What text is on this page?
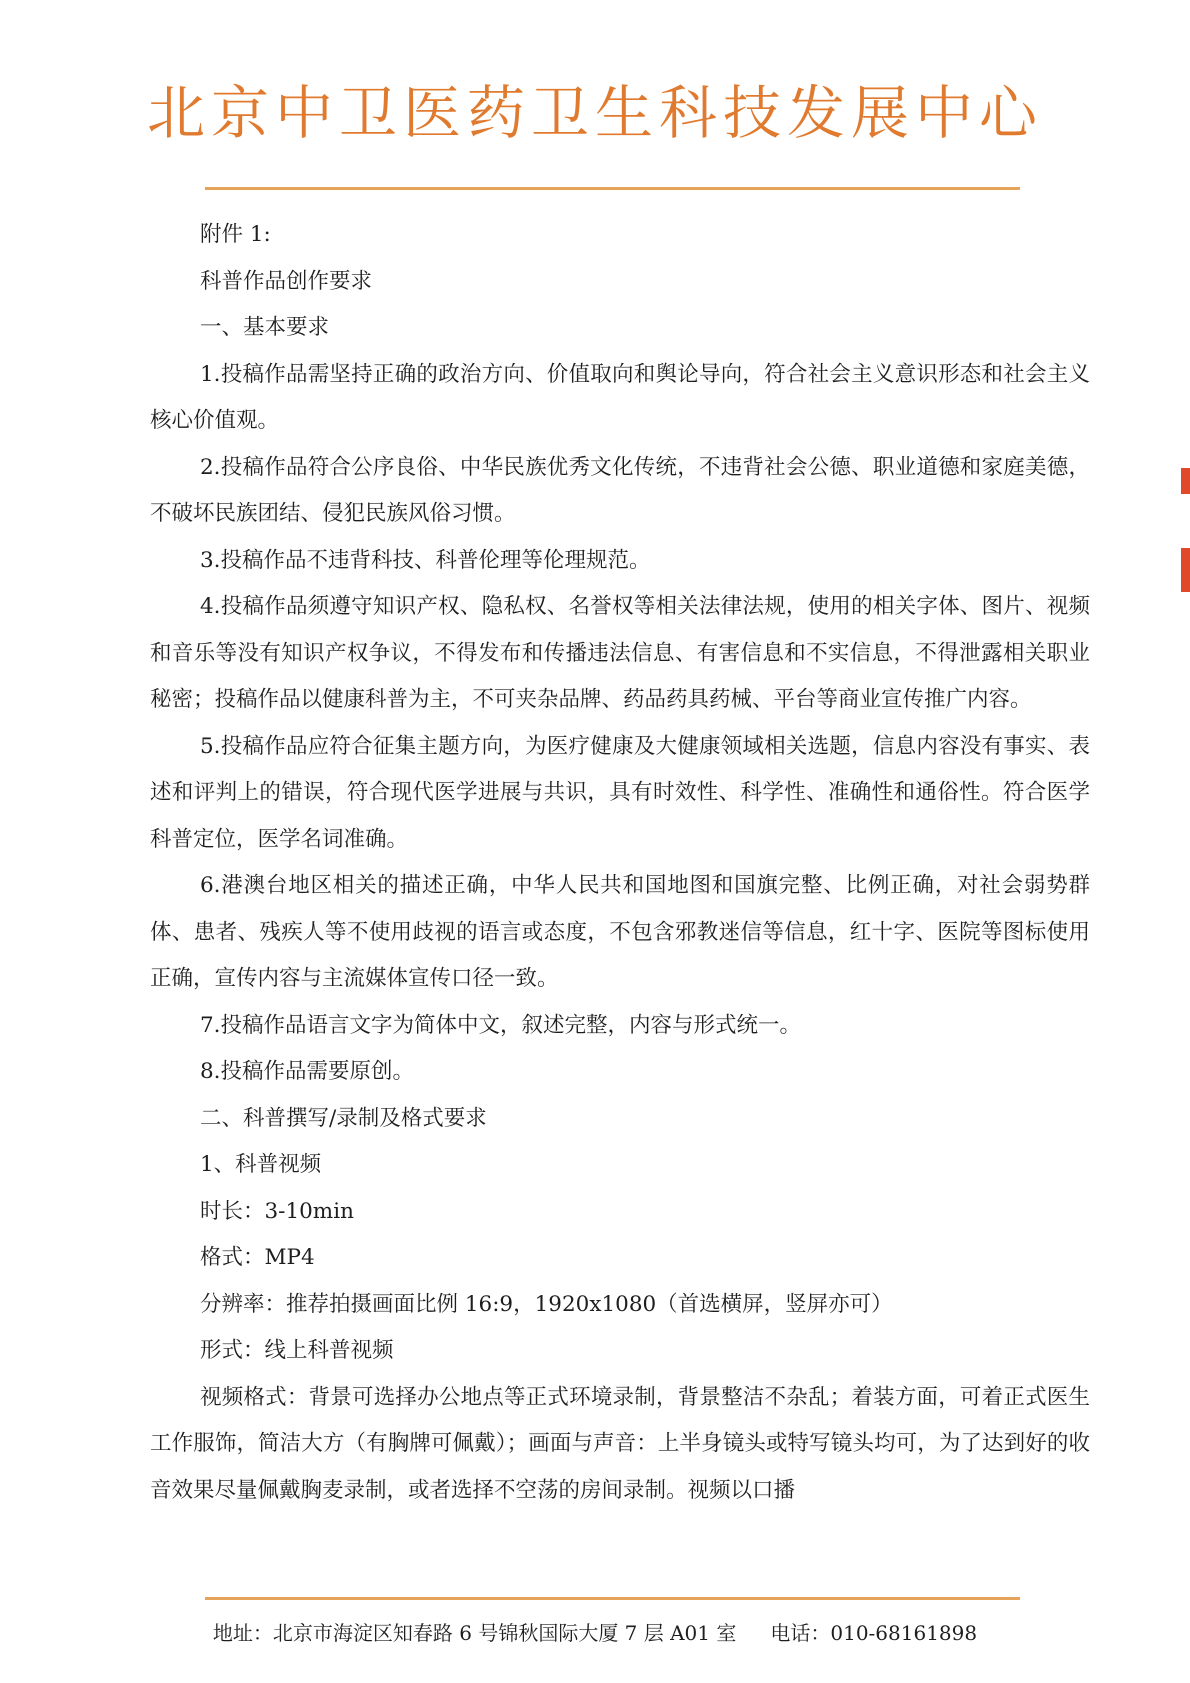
北京中卫医药卫生科技发展中心

附件 1:

科普作品创作要求

一、基本要求

1.投稿作品需坚持正确的政治方向、价值取向和舆论导向，符合社会主义意识形态和社会主义核心价值观。

2.投稿作品符合公序良俗、中华民族优秀文化传统，不违背社会公德、职业道德和家庭美德，不破坏民族团结、侵犯民族风俗习惯。

3.投稿作品不违背科技、科普伦理等伦理规范。

4.投稿作品须遵守知识产权、隐私权、名誉权等相关法律法规，使用的相关字体、图片、视频和音乐等没有知识产权争议，不得发布和传播违法信息、有害信息和不实信息，不得泄露相关职业秘密；投稿作品以健康科普为主，不可夹杂品牌、药品药具药械、平台等商业宣传推广内容。

5.投稿作品应符合征集主题方向，为医疗健康及大健康领域相关选题，信息内容没有事实、表述和评判上的错误，符合现代医学进展与共识，具有时效性、科学性、准确性和通俗性。符合医学科普定位，医学名词准确。

6.港澳台地区相关的描述正确，中华人民共和国地图和国旗完整、比例正确，对社会弱势群体、患者、残疾人等不使用歧视的语言或态度，不包含邪教迷信等信息，红十字、医院等图标使用正确，宣传内容与主流媒体宣传口径一致。

7.投稿作品语言文字为简体中文，叙述完整，内容与形式统一。

8.投稿作品需要原创。

二、科普撰写/录制及格式要求

1、科普视频

时长：3-10min

格式：MP4

分辨率：推荐拍摄画面比例 16:9，1920x1080（首选横屏，竖屏亦可）

形式：线上科普视频

视频格式：背景可选择办公地点等正式环境录制，背景整洁不杂乱；着装方面，可着正式医生工作服饰，简洁大方（有胸牌可佩戴）；画面与声音：上半身镜头或特写镜头均可，为了达到好的收音效果尽量佩戴胸麦录制，或者选择不空荡的房间录制。视频以口播

地址：北京市海淀区知春路 6 号锦秋国际大厦 7 层 A01 室 电话：010-68161898
